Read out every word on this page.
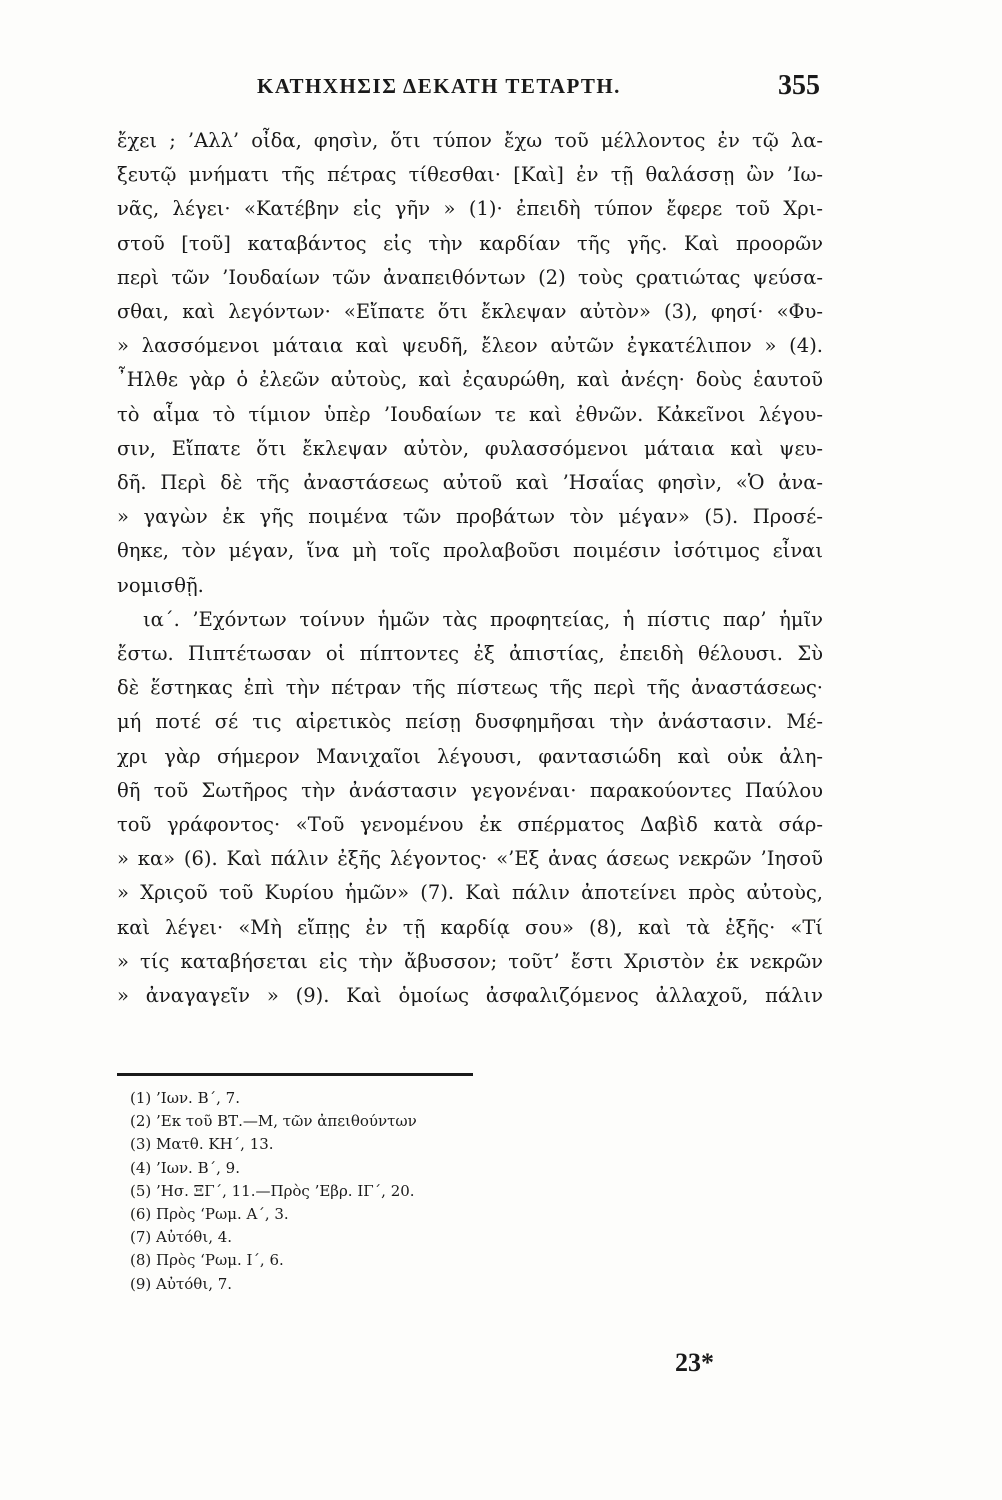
ΚΑΤΗΧΗΣΙΣ ΔΕΚΑΤΗ ΤΕΤΑΡΤΗ.	355
ἔχει ; ’Αλλ’ οἶδα, φησὶν, ὅτι τύπον ἔχω τοῦ μέλλοντος ἐν τῷ λα-
ξευτῷ μνήματι τῆς πέτρας τίθεσθαι· [Καὶ] ἐν τῇ θαλάσσῃ ὢν ’Ιω-
νᾶς, λέγει· «Κατέβην εἰς γῆν » (1)· ἐπειδὴ τύπον ἔφερε τοῦ Χρι-
στοῦ [τοῦ] καταβάντος εἰς τὴν καρδίαν τῆς γῆς. Καὶ προορῶν
περὶ τῶν ’Ιουδαίων τῶν ἀναπειθόντων (2) τοὺς ςρατιώτας ψεύσα-
σθαι, καὶ λεγόντων· «Εἴπατε ὅτι ἔκλεψαν αὐτὸν» (3), φησί· «Φυ-
» λασσόμενοι μάταια καὶ ψευδῆ, ἔλεον αὐτῶν ἐγκατέλιπον » (4).
῏Ηλθε γὰρ ὁ ἐλεῶν αὐτοὺς, καὶ ἐςαυρώθη, καὶ ἀνέςη· δοὺς ἑαυτοῦ
τὸ αἷμα τὸ τίμιον ὑπὲρ ’Ιουδαίων τε καὶ ἐθνῶν. Κἀκεῖνοι λέγου-
σιν, Εἴπατε ὅτι ἔκλεψαν αὐτὸν, φυλασσόμενοι μάταια καὶ ψευ-
δῆ. Περὶ δὲ τῆς ἀναστάσεως αὐτοῦ καὶ ’Ησαΐας φησὶν, «Ὁ ἀνα-
» γαγὼν ἐκ γῆς ποιμένα τῶν προβάτων τὸν μέγαν» (5). Προσέ-
θηκε, τὸν μέγαν, ἵνα μὴ τοῖς προλαβοῦσι ποιμέσιν ἰσότιμος εἶναι
νομισθῇ.
ια΄. ’Εχόντων τοίνυν ἡμῶν τὰς προφητείας, ἡ πίστις παρ’ ἡμῖν
ἔστω. Πιπτέτωσαν οἱ πίπτοντες ἐξ ἀπιστίας, ἐπειδὴ θέλουσι. Σὺ
δὲ ἕστηκας ἐπὶ τὴν πέτραν τῆς πίστεως τῆς περὶ τῆς ἀναστάσεως·
μή ποτέ σέ τις αἱρετικὸς πείσῃ δυσφημῆσαι τὴν ἀνάστασιν. Μέ-
χρι γὰρ σήμερον Μανιχαῖοι λέγουσι, φαντασιώδη καὶ οὐκ ἀλη-
θῆ τοῦ Σωτῆρος τὴν ἀνάστασιν γεγονέναι· παρακούοντες Παύλου
τοῦ γράφοντος· «Τοῦ γενομένου ἐκ σπέρματος Δαβὶδ κατὰ σάρ-
» κα» (6). Καὶ πάλιν ἐξῆς λέγοντος· «’Εξ ἀνας άσεως νεκρῶν ’Ιησοῦ
» Χριςοῦ τοῦ Κυρίου ἡμῶν» (7). Καὶ πάλιν ἀποτείνει πρὸς αὐτοὺς,
καὶ λέγει· «Μὴ εἴπῃς ἐν τῇ καρδίᾳ σου» (8), καὶ τὰ ἑξῆς· «Τί
» τίς καταβήσεται εἰς τὴν ἄβυσσον; τοῦτ’ ἔστι Χριστὸν ἐκ νεκρῶν
» ἀναγαγεῖν » (9). Καὶ ὁμοίως ἀσφαλιζόμενος ἀλλαχοῦ, πάλιν
(1) ’Ιων. Β΄, 7.
(2) ’Εκ τοῦ ΒΤ.—Μ, τῶν ἀπειθούντων
(3) Ματθ. ΚΗ΄, 13.
(4) ’Ιων. Β΄, 9.
(5) ’Ησ. ΞΓ΄, 11.—Πρὸς ’Εβρ. ΙΓ΄, 20.
(6) Πρὸς ‘Ρωμ. Α΄, 3.
(7) Αὐτόθι, 4.
(8) Πρὸς ‘Ρωμ. Ι΄, 6.
(9) Αὐτόθι, 7.
23*
